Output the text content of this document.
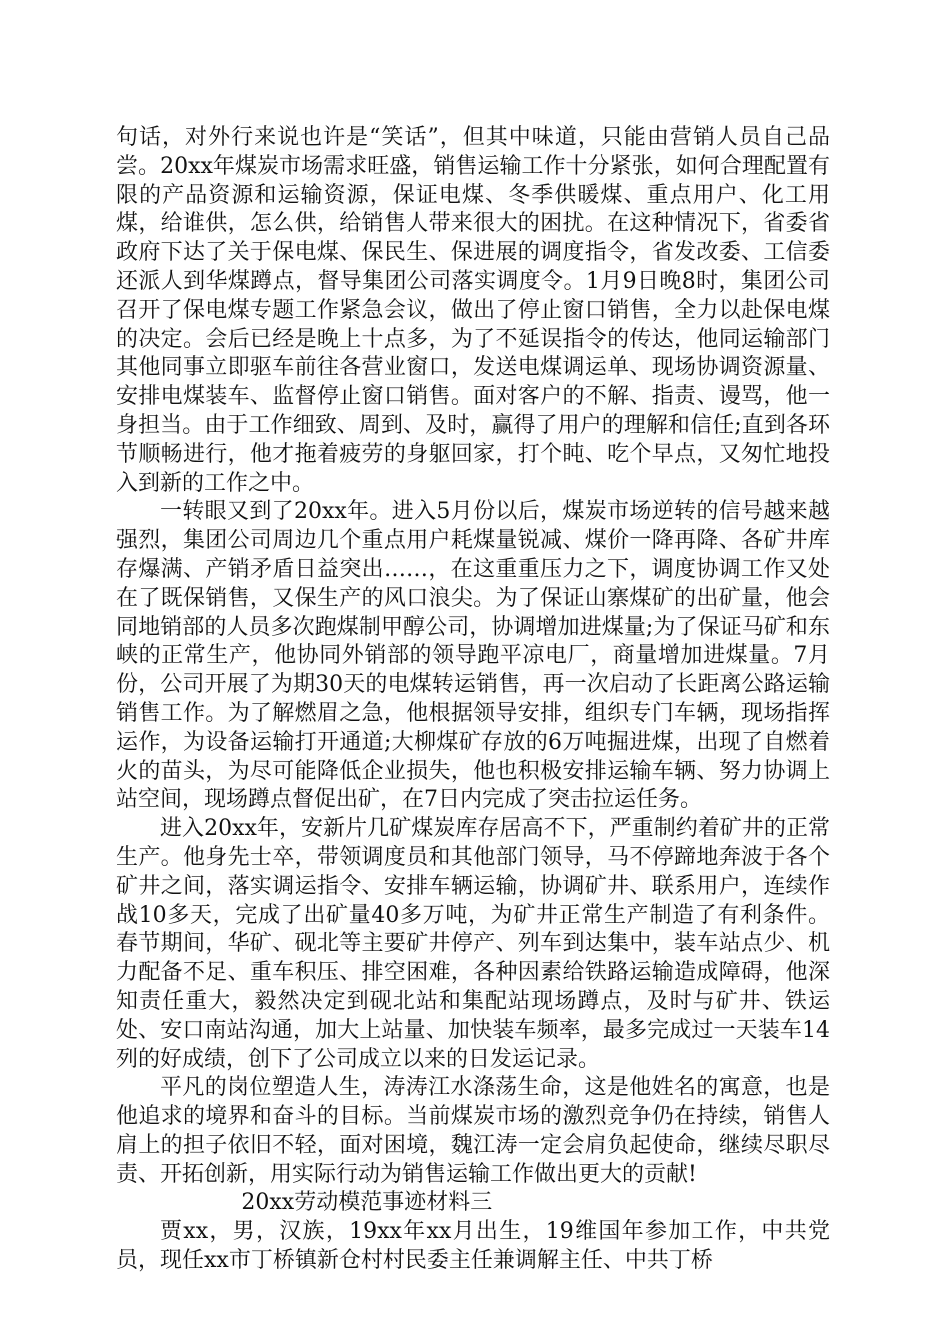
句话，对外行来说也许是“笑话”，但其中味道，只能由营销人员自己品尝。20xx年煤炭市场需求旺盛，销售运输工作十分紧张，如何合理配置有限的产品资源和运输资源，保证电煤、冬季供暖煤、重点用户、化工用煤，给谁供，怎么供，给销售人带来很大的困扰。在这种情况下，省委省政府下达了关于保电煤、保民生、保进展的调度指令，省发改委、工信委还派人到华煤蹲点，督导集团公司落实调度令。1月9日晚8时，集团公司召开了保电煤专题工作紧急会议，做出了停止窗口销售，全力以赴保电煤的决定。会后已经是晚上十点多，为了不延误指令的传达，他同运输部门其他同事立即驱车前往各营业窗口，发送电煤调运单、现场协调资源量、安排电煤装车、监督停止窗口销售。面对客户的不解、指责、谩骂，他一身担当。由于工作细致、周到、及时，赢得了用户的理解和信任;直到各环节顺畅进行，他才拖着疲劳的身躯回家，打个盹、吃个早点，又匆忙地投入到新的工作之中。

一转眼又到了20xx年。进入5月份以后，煤炭市场逆转的信号越来越强烈，集团公司周边几个重点用户耗煤量锐减、煤价一降再降、各矿井库存爆满、产销矛盾日益突出……，在这重重压力之下，调度协调工作又处在了既保销售，又保生产的风口浪尖。为了保证山寨煤矿的出矿量，他会同地销部的人员多次跑煤制甲醇公司，协调增加进煤量;为了保证马矿和东峡的正常生产，他协同外销部的领导跑平凉电厂，商量增加进煤量。7月份，公司开展了为期30天的电煤转运销售，再一次启动了长距离公路运输销售工作。为了解燃眉之急，他根据领导安排，组织专门车辆，现场指挥运作，为设备运输打开通道;大柳煤矿存放的6万吨掘进煤，出现了自燃着火的苗头，为尽可能降低企业损失，他也积极安排运输车辆、努力协调上站空间，现场蹲点督促出矿，在7日内完成了突击拉运任务。

进入20xx年，安新片几矿煤炭库存居高不下，严重制约着矿井的正常生产。他身先士卒，带领调度员和其他部门领导，马不停蹄地奔波于各个矿井之间，落实调运指令、安排车辆运输，协调矿井、联系用户，连续作战10多天，完成了出矿量40多万吨，为矿井正常生产制造了有利条件。春节期间，华矿、砚北等主要矿井停产、列车到达集中，装车站点少、机力配备不足、重车积压、排空困难，各种因素给铁路运输造成障碍，他深知责任重大，毅然决定到砚北站和集配站现场蹲点，及时与矿井、铁运处、安口南站沟通，加大上站量、加快装车频率，最多完成过一天装车14列的好成绩，创下了公司成立以来的日发运记录。

平凡的岗位塑造人生，涛涛江水涤荡生命，这是他姓名的寓意，也是他追求的境界和奋斗的目标。当前煤炭市场的激烈竞争仍在持续，销售人肩上的担子依旧不轻，面对困境，魏江涛一定会肩负起使命，继续尽职尽责、开拓创新，用实际行动为销售运输工作做出更大的贡献!

20xx劳动模范事迹材料三

贾xx，男，汉族，19xx年xx月出生，19维国年参加工作，中共党员，现任xx市丁桥镇新仓村村民委主任兼调解主任、中共丁桥
